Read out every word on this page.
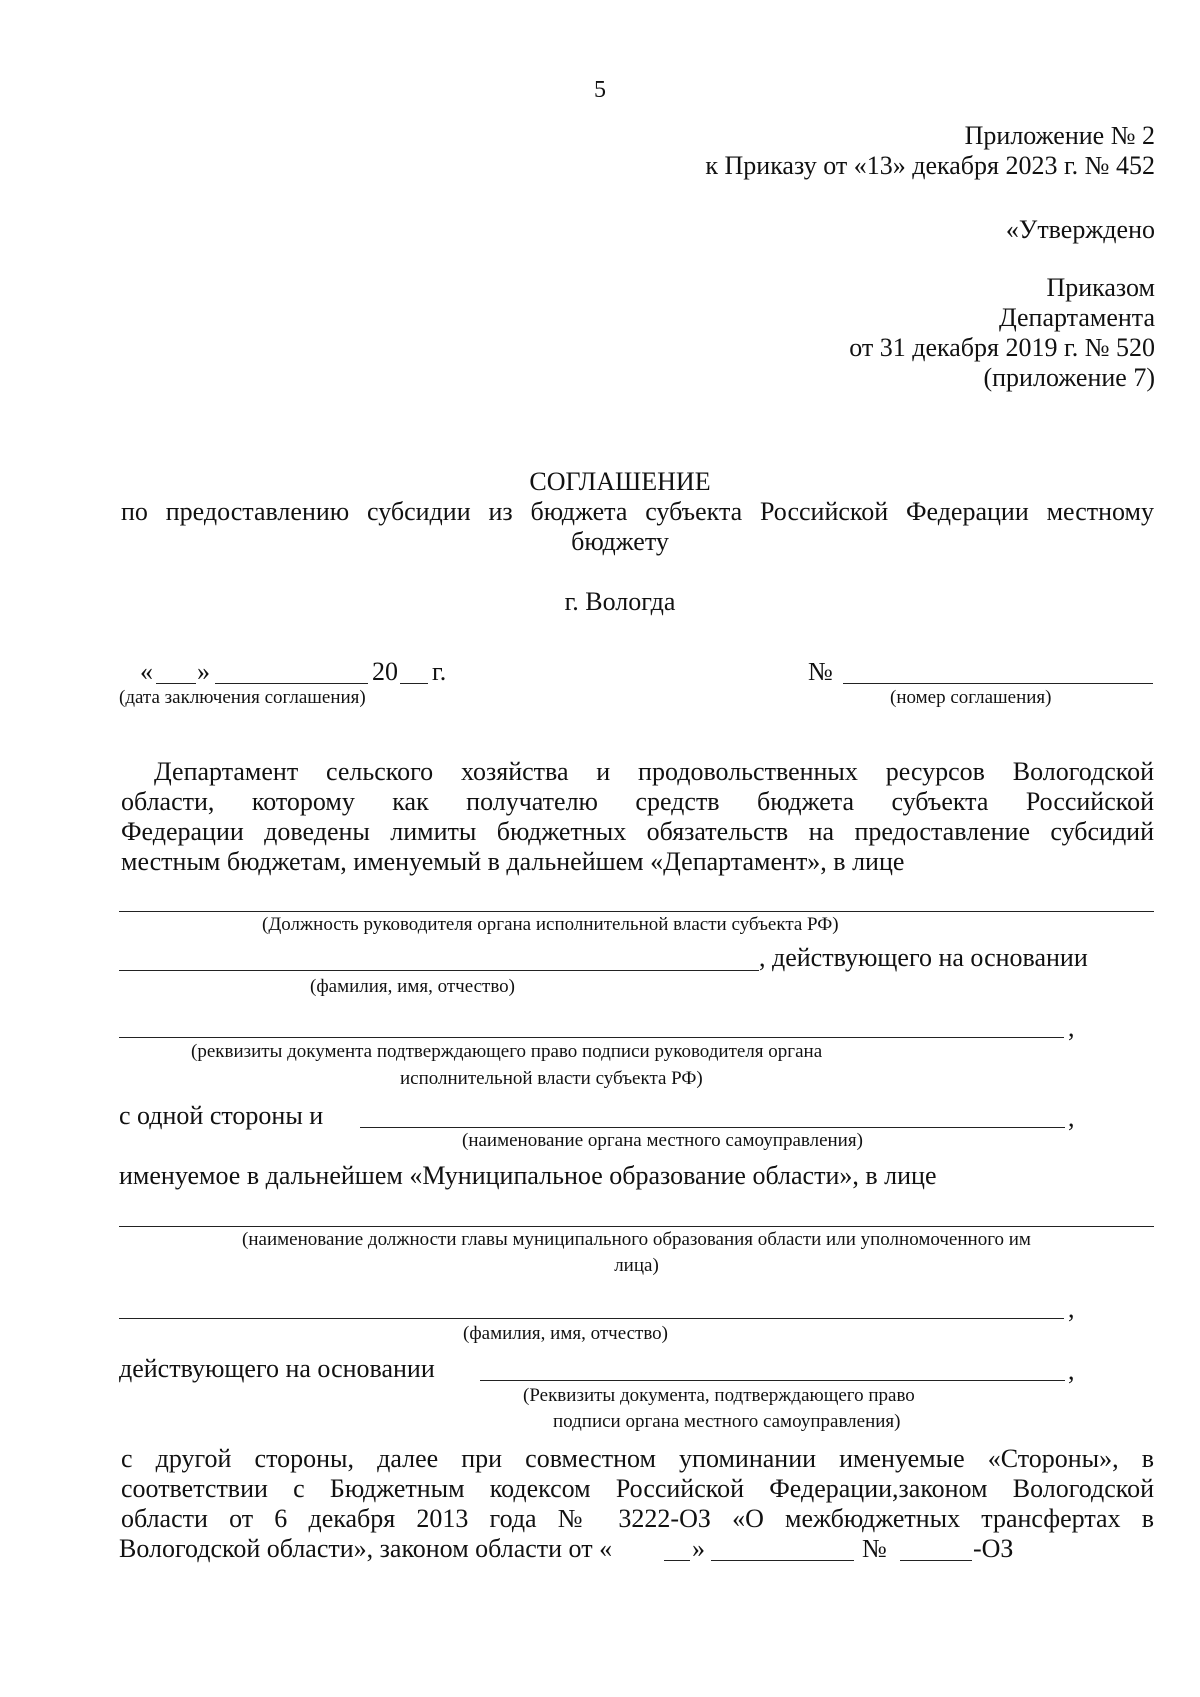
5
Приложение № 2
к Приказу от «13» декабря 2023 г. № 452
«Утверждено
Приказом
Департамента
от 31 декабря 2019 г. № 520
(приложение 7)
СОГЛАШЕНИЕ
по предоставлению субсидии из бюджета субъекта Российской Федерации местному
бюджету
г. Вологда
« »	20 г.
(дата заключения соглашения)
№
(номер соглашения)
Департамент сельского хозяйства и продовольственных ресурсов Вологодской
области, которому как получателю средств бюджета субъекта Российской
Федерации доведены лимиты бюджетных обязательств на предоставление субсидий
местным бюджетам, именуемый в дальнейшем «Департамент», в лице
(Должность руководителя органа исполнительной власти субъекта РФ)
, действующего на основании
(фамилия, имя, отчество)
,
(реквизиты документа подтверждающего право подписи руководителя органа
исполнительной власти субъекта РФ)
с одной стороны и	,
(наименование органа местного самоуправления)
именуемое в дальнейшем «Муниципальное образование области», в лице
(наименование должности главы муниципального образования области или уполномоченного им
лица)
,
(фамилия, имя, отчество)
действующего на основании	,
(Реквизиты документа, подтверждающего право
подписи органа местного самоуправления)
с другой стороны, далее при совместном упоминании именуемые «Стороны», в
соответствии с Бюджетным кодексом Российской Федерации,законом Вологодской
области от 6 декабря 2013 года № 3222-ОЗ «О межбюджетных трансфертах в
Вологодской области», законом области от «	»	№	-ОЗ
